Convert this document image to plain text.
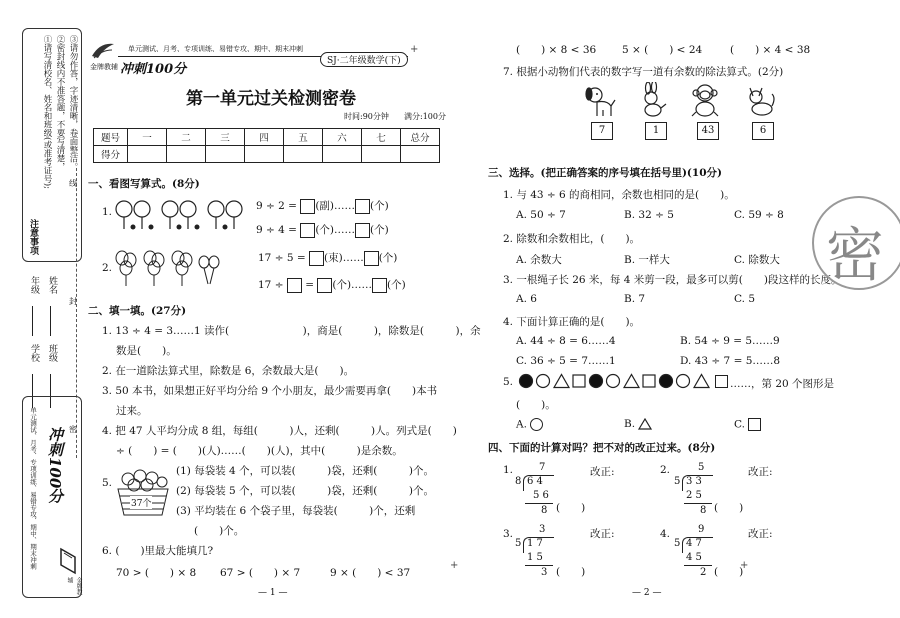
注意事项
①请写清校名、姓名和班级(或准考证号); ②密封线内不准答题，不要写清楚， ③请勿作答，字迹清晰，卷面整洁。
学校 班级
年级 姓名
线
封
密
冲刺100分
单元测试、月考、专项训练、易错专攻、期中、期末冲刺
金牌教辅
金牌教辅 冲刺100分
单元测试、月考、专项训练、易错专攻、期中、期末冲刺
SJ·二年级数学(下)
第一单元过关检测密卷
时间:90分钟 满分:100分
题号	一	二	三	四	五	六	七	总分
得分								
一、看图写算式。(8分)
1.	9 ÷ 2 = (副)…… (个)
9 ÷ 4 = (个)…… (个)
2.
17 ÷ 5 = (束)…… (个)
17 ÷ = (个)…… (个)
二、填一填。(27分)
1. 13 ÷ 4 = 3……1 读作(　　　　　　　)，商是(　　　)，除数是(　　　)，余
数是(　　)。
2. 在一道除法算式里，除数是 6，余数最大是(　　)。
3. 50 本书，如果想正好平均分给 9 个小朋友，最少需要再拿(　　)本书
过来。
4. 把 47 人平均分成 8 组，每组(　　　)人，还剩(　　　)人。列式是(　　)
÷ (　　) = (　　)(人)……(　　)(人)，其中(　　　)是余数。
5.
37个
(1) 每袋装 4 个，可以装(　　　)袋，还剩(　　　)个。
(2) 每袋装 5 个，可以装(　　　)袋，还剩(　　　)个。
(3) 平均装在 6 个袋子里，每袋装(　　　)个，还剩
(　　)个。
6. (　　)里最大能填几?
70 > (　　) × 8 67 > (　　) × 7	9 × (　　) < 37
— 1 —
(　　) × 8 < 36 5 × (　　) < 24	(　　) × 4 < 38
7. 根据小动物们代表的数字写一道有余数的除法算式。(2分)
7	1	43	6
三、选择。(把正确答案的序号填在括号里)(10分)
1. 与 43 ÷ 6 的商相同，余数也相同的是(　　)。
A. 50 ÷ 7	B. 32 ÷ 5	C. 59 ÷ 8
2. 除数和余数相比，(　　)。
A. 余数大	B. 一样大	C. 除数大
3. 一根绳子长 26 米，每 4 米剪一段，最多可以剪(　　)段这样的长度。
A. 6	B. 7	C. 5
4. 下面计算正确的是(　　)。
A. 44 ÷ 8 = 6……4	B. 54 ÷ 9 = 5……9
C. 36 ÷ 5 = 7……1	D. 43 ÷ 7 = 5……8
5.	……，第 20 个图形是
(　　)。
A.	B.	C.
四、下面的计算对吗？把不对的改正过来。(8分)
1.	7
8 6 4
5 6
8 (　　)
改正:	2.	5
5 3 3
2 5
8 (　　)
改正:
3.	3
5 1 7
1 5
3 (　　)
改正:	4.	9
5 4 7
4 5
2 (　　)
改正:
— 2 —
密
+
+	+
